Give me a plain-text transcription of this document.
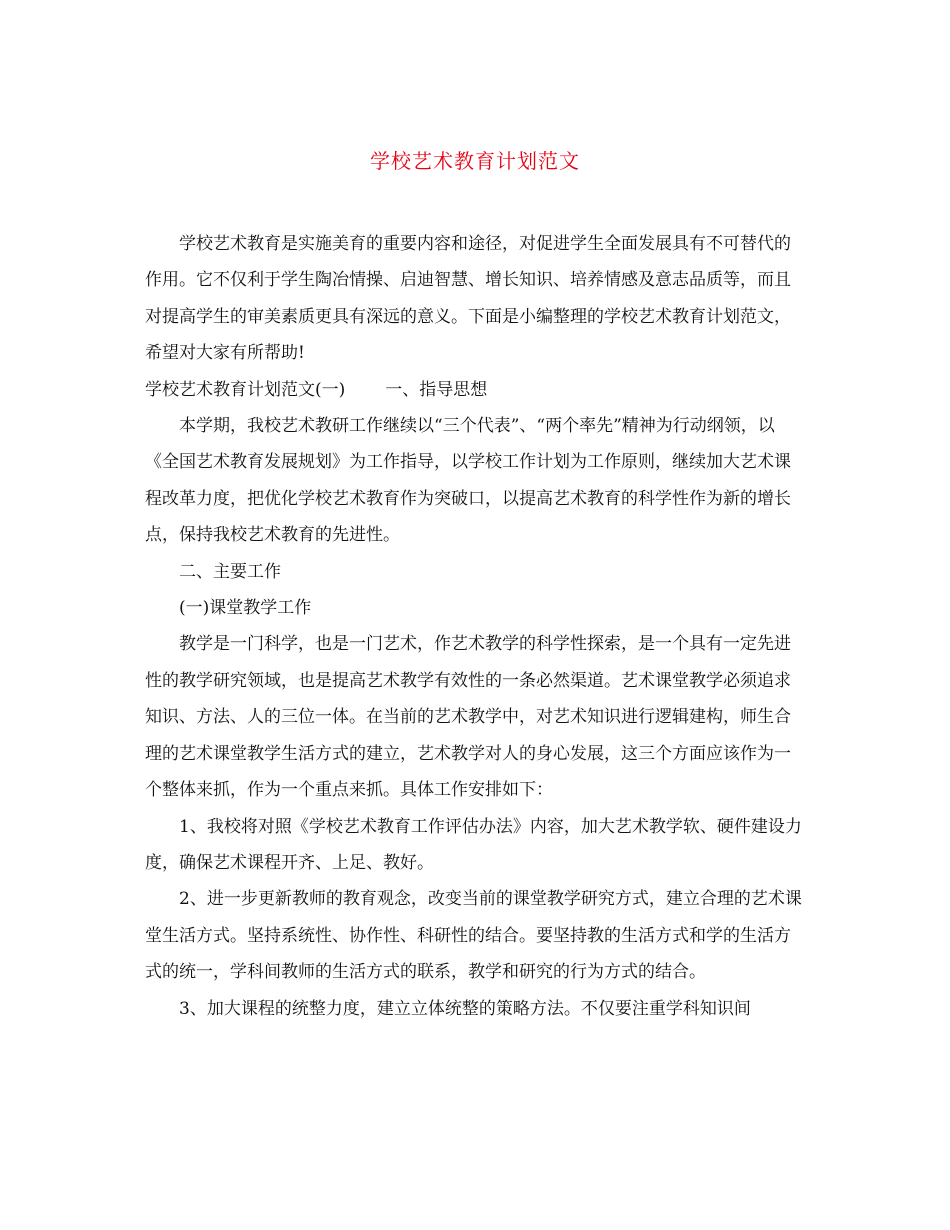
学校艺术教育计划范文

学校艺术教育是实施美育的重要内容和途径，对促进学生全面发展具有不可替代的作用。它不仅利于学生陶冶情操、启迪智慧、增长知识、培养情感及意志品质等，而且对提高学生的审美素质更具有深远的意义。下面是小编整理的学校艺术教育计划范文，希望对大家有所帮助!

学校艺术教育计划范文(一) 一、指导思想

本学期，我校艺术教研工作继续以“三个代表”、“两个率先”精神为行动纲领，以《全国艺术教育发展规划》为工作指导，以学校工作计划为工作原则，继续加大艺术课程改革力度，把优化学校艺术教育作为突破口，以提高艺术教育的科学性作为新的增长点，保持我校艺术教育的先进性。

二、主要工作

(一)课堂教学工作

教学是一门科学，也是一门艺术，作艺术教学的科学性探索，是一个具有一定先进性的教学研究领域，也是提高艺术教学有效性的一条必然渠道。艺术课堂教学必须追求知识、方法、人的三位一体。在当前的艺术教学中，对艺术知识进行逻辑建构，师生合理的艺术课堂教学生活方式的建立，艺术教学对人的身心发展，这三个方面应该作为一个整体来抓，作为一个重点来抓。具体工作安排如下：

1、我校将对照《学校艺术教育工作评估办法》内容，加大艺术教学软、硬件建设力度，确保艺术课程开齐、上足、教好。

2、进一步更新教师的教育观念，改变当前的课堂教学研究方式，建立合理的艺术课堂生活方式。坚持系统性、协作性、科研性的结合。要坚持教的生活方式和学的生活方式的统一，学科间教师的生活方式的联系，教学和研究的行为方式的结合。

3、加大课程的统整力度，建立立体统整的策略方法。不仅要注重学科知识间
